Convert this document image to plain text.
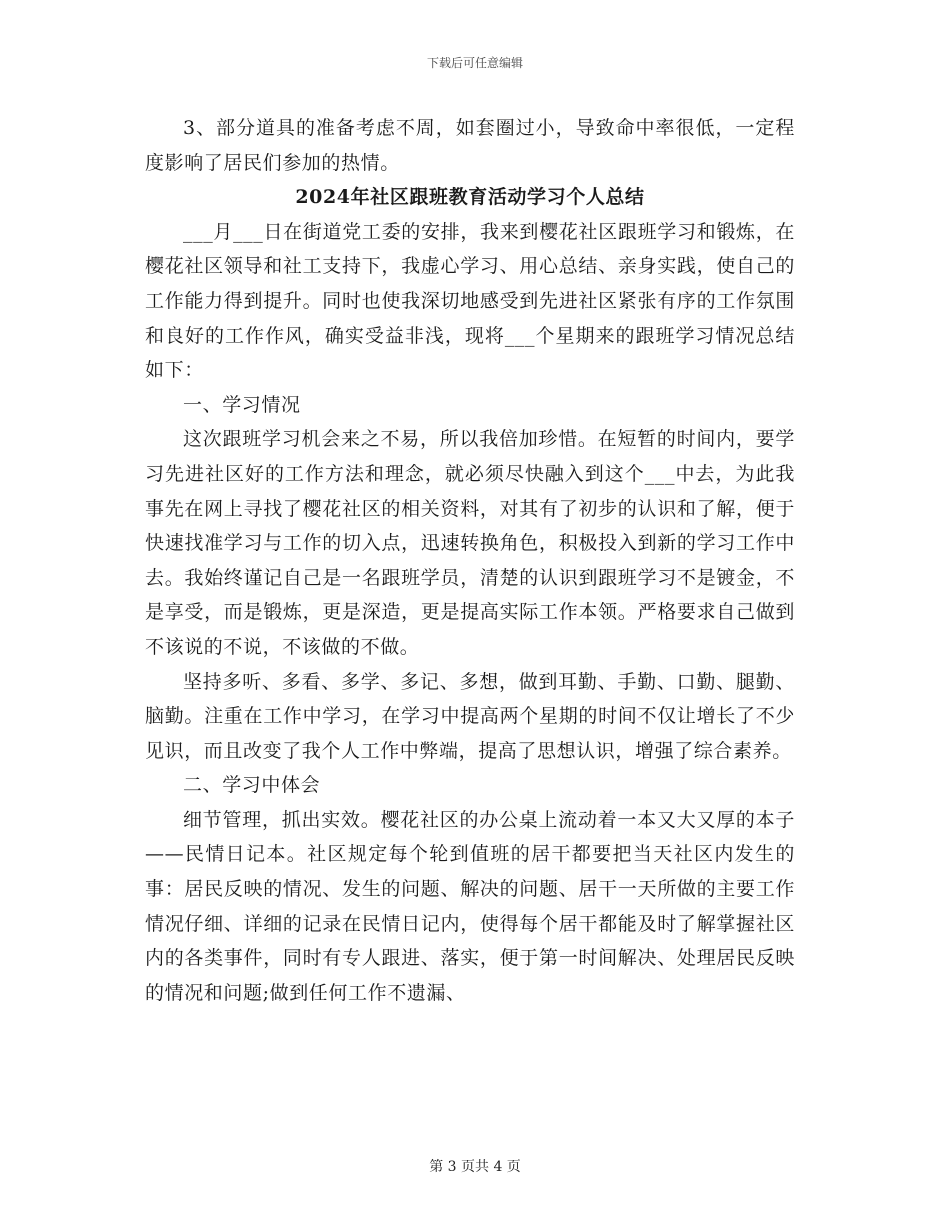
下载后可任意编辑

3、部分道具的准备考虑不周，如套圈过小，导致命中率很低，一定程度影响了居民们参加的热情。

2024年社区跟班教育活动学习个人总结

___月___日在街道党工委的安排，我来到樱花社区跟班学习和锻炼，在樱花社区领导和社工支持下，我虚心学习、用心总结、亲身实践，使自己的工作能力得到提升。同时也使我深切地感受到先进社区紧张有序的工作氛围和良好的工作作风，确实受益非浅，现将___个星期来的跟班学习情况总结如下：

一、学习情况

这次跟班学习机会来之不易，所以我倍加珍惜。在短暂的时间内，要学习先进社区好的工作方法和理念，就必须尽快融入到这个___中去，为此我事先在网上寻找了樱花社区的相关资料，对其有了初步的认识和了解，便于快速找准学习与工作的切入点，迅速转换角色，积极投入到新的学习工作中去。我始终谨记自己是一名跟班学员，清楚的认识到跟班学习不是镀金，不是享受，而是锻炼，更是深造，更是提高实际工作本领。严格要求自己做到不该说的不说，不该做的不做。

坚持多听、多看、多学、多记、多想，做到耳勤、手勤、口勤、腿勤、脑勤。注重在工作中学习，在学习中提高两个星期的时间不仅让增长了不少见识，而且改变了我个人工作中弊端，提高了思想认识，增强了综合素养。

二、学习中体会

细节管理，抓出实效。樱花社区的办公桌上流动着一本又大又厚的本子——民情日记本。社区规定每个轮到值班的居干都要把当天社区内发生的事：居民反映的情况、发生的问题、解决的问题、居干一天所做的主要工作情况仔细、详细的记录在民情日记内，使得每个居干都能及时了解掌握社区内的各类事件，同时有专人跟进、落实，便于第一时间解决、处理居民反映的情况和问题;做到任何工作不遗漏、

第 3 页共 4 页
